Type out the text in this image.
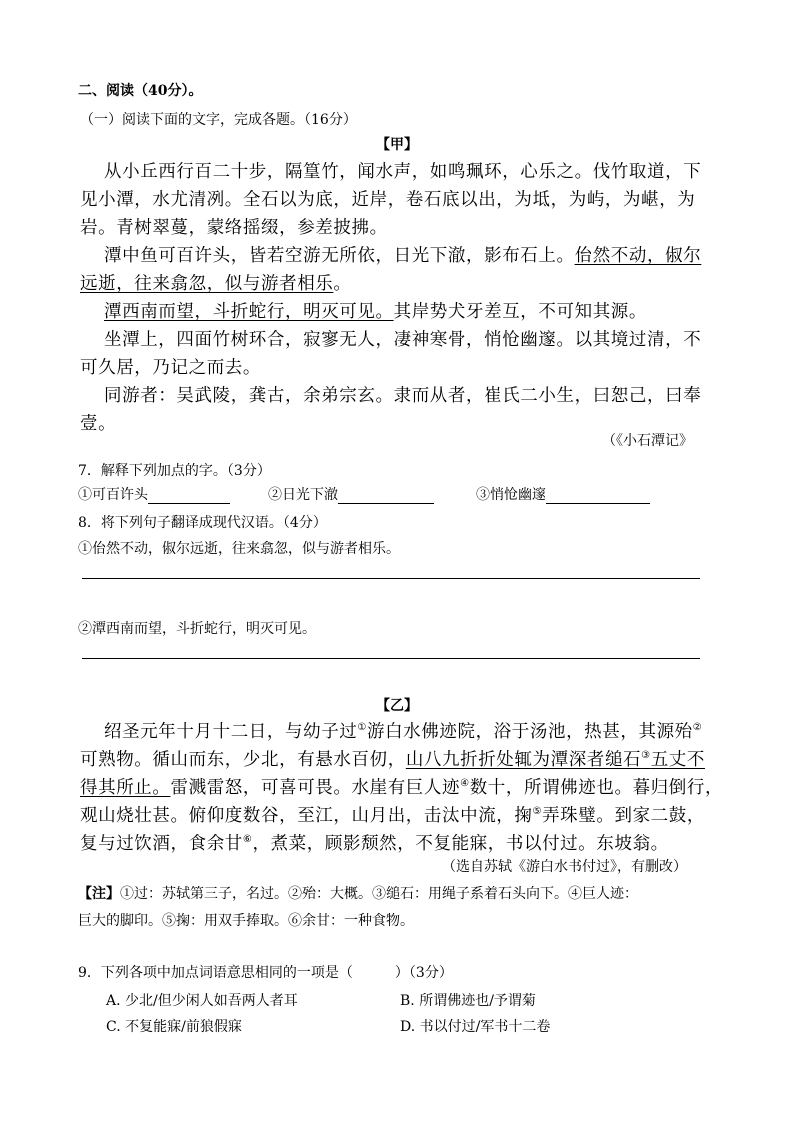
二、阅读（40分）。
（一）阅读下面的文字，完成各题。（16分）
【甲】
从小丘西行百二十步，隔篁竹，闻水声，如鸣珮环，心乐之。伐竹取道，下
见小潭，水尤清冽。全石以为底，近岸，卷石底以出，为坻，为屿，为嵁，为
岩。青树翠蔓，蒙络摇缀，参差披拂。
潭中鱼可百许头，皆若空游无所依，日光下澈，影布石上。佁然不动，俶尔
远逝，往来翕忽，似与游者相乐。
潭西南而望，斗折蛇行，明灭可见。其岸势犬牙差互，不可知其源。
坐潭上，四面竹树环合，寂寥无人，凄神寒骨，悄怆幽邃。以其境过清，不
可久居，乃记之而去。
同游者：吴武陵，龚古，余弟宗玄。隶而从者，崔氏二小生，曰恕己，曰奉
壹。
（《小石潭记》
7．解释下列加点的字。（3分）
①可百许头	②日光下澈	③悄怆幽邃
8．将下列句子翻译成现代汉语。（4分）
①佁然不动，俶尔远逝，往来翕忽，似与游者相乐。
②潭西南而望，斗折蛇行，明灭可见。
【乙】
绍圣元年十月十二日，与幼子过①游白水佛迹院，浴于汤池，热甚，其源殆②
可熟物。循山而东，少北，有悬水百仞，山八九折折处辄为潭深者缒石③五丈不
得其所止。雷溅雷怒，可喜可畏。水崖有巨人迹④数十，所谓佛迹也。暮归倒行，
观山烧壮甚。俯仰度数谷，至江，山月出，击汰中流，掬⑤弄珠璧。到家二鼓，
复与过饮酒，食余甘⑥，煮菜，顾影颓然，不复能寐，书以付过。东坡翁。
（选自苏轼《游白水书付过》，有删改）
【注】①过：苏轼第三子，名过。②殆：大概。③缒石：用绳子系着石头向下。④巨人迹：
巨大的脚印。⑤掬：用双手捧取。⑥余甘：一种食物。
9．下列各项中加点词语意思相同的一项是（　　　）（3分）
A. 少北/但少闲人如吾两人者耳	B. 所谓佛迹也/予谓菊
C. 不复能寐/前狼假寐	D. 书以付过/军书十二卷
